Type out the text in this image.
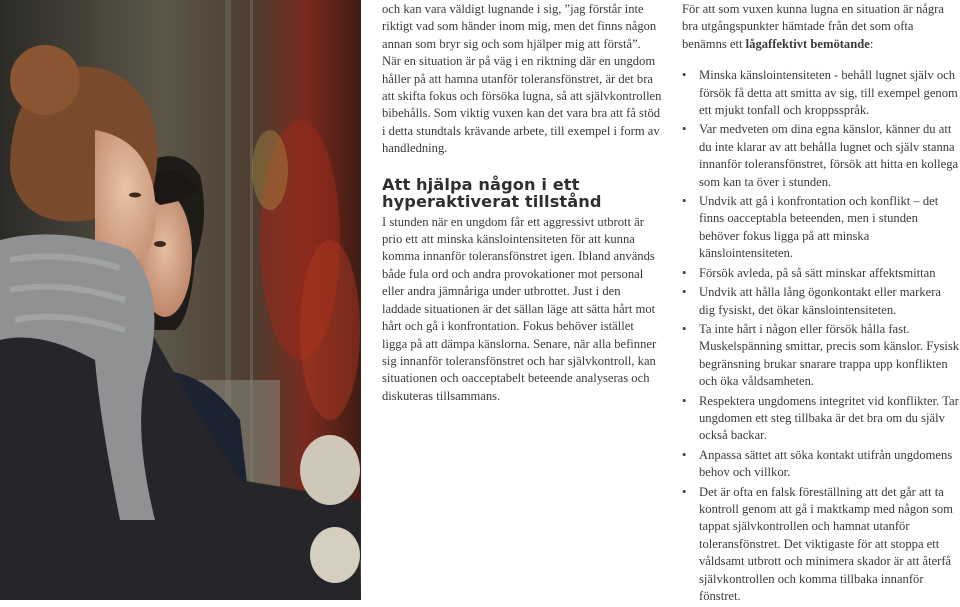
och kan vara väldigt lugnande i sig, ”jag förstår inte riktigt vad som händer inom mig, men det finns någon annan som bryr sig och som hjälper mig att förstå”. När en situation är på väg i en riktning där en ungdom håller på att hamna utanför toleransfönstret, är det bra att skifta fokus och försöka lugna, så att självkontrollen bibehålls. Som viktig vuxen kan det vara bra att få stöd i detta stundtals krävande arbete, till exempel i form av handledning.

Att hjälpa någon i ett hyperaktiverat tillstånd

I stunden när en ungdom får ett aggressivt utbrott är prio ett att minska känslointensiteten för att kunna komma innanför toleransfönstret igen. Ibland används både fula ord och andra provokationer mot personal eller andra jämnåriga under utbrottet. Just i den laddade situationen är det sällan läge att sätta hårt mot hårt och gå i konfrontation. Fokus behöver istället ligga på att dämpa känslorna. Senare, när alla befinner sig innanför toleransfönstret och har självkontroll, kan situationen och oacceptabelt beteende analyseras och diskuteras tillsammans.

För att som vuxen kunna lugna en situation är några bra utgångspunkter hämtade från det som ofta benämns ett lågaffektivt bemötande:

• Minska känslointensiteten - behåll lugnet själv och försök få detta att smitta av sig, till exempel genom ett mjukt tonfall och kroppsspråk.
• Var medveten om dina egna känslor, känner du att du inte klarar av att behålla lugnet och själv stanna innanför toleransfönstret, försök att hitta en kollega som kan ta över i stunden.
• Undvik att gå i konfrontation och konflikt – det finns oacceptabla beteenden, men i stunden behöver fokus ligga på att minska känslointensiteten.
• Försök avleda, på så sätt minskar affektsmittan
• Undvik att hålla lång ögonkontakt eller markera dig fysiskt, det ökar känslointensiteten.
• Ta inte hårt i någon eller försök hålla fast. Muskelspänning smittar, precis som känslor. Fysisk begränsning brukar snarare trappa upp konflikten och öka våldsamheten.
• Respektera ungdomens integritet vid konflikter. Tar ungdomen ett steg tillbaka är det bra om du själv också backar.
• Anpassa sättet att söka kontakt utifrån ungdomens behov och villkor.
• Det är ofta en falsk föreställning att det går att ta kontroll genom att gå i maktkamp med någon som tappat självkontrollen och hamnat utanför toleransfönstret. Det viktigaste för att stoppa ett våldsamt utbrott och minimera skador är att återfå självkontrollen och komma tillbaka innanför fönstret.
